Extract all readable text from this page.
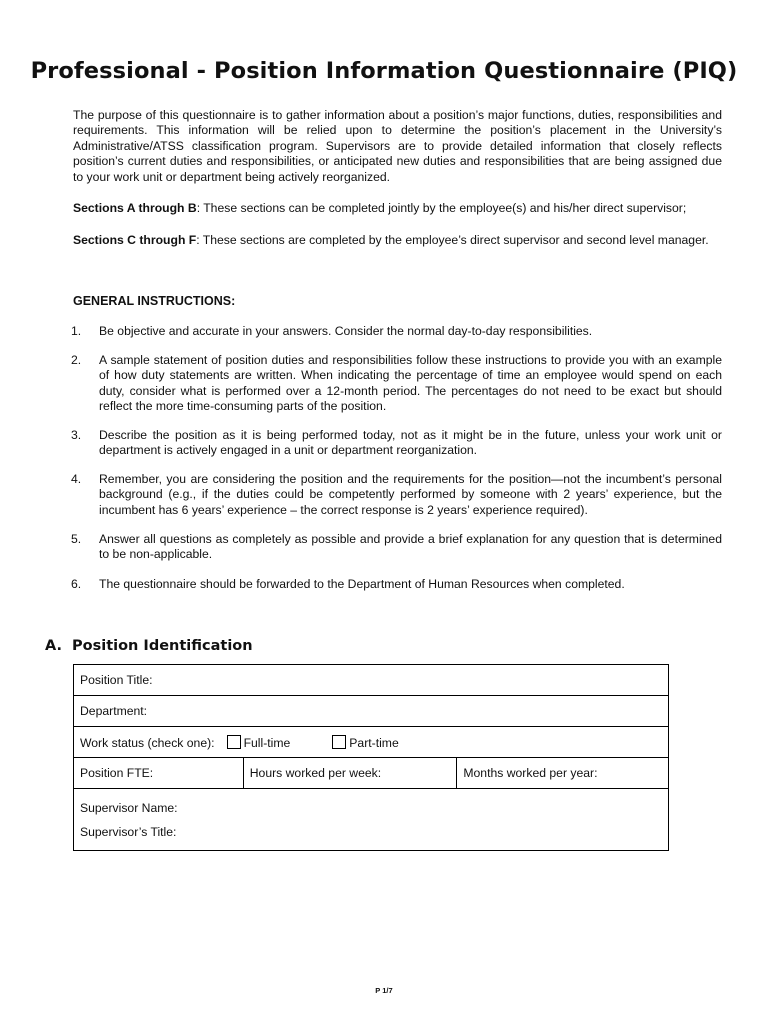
Professional - Position Information Questionnaire (PIQ)
The purpose of this questionnaire is to gather information about a position’s major functions, duties, responsibilities and requirements. This information will be relied upon to determine the position’s placement in the University’s Administrative/ATSS classification program. Supervisors are to provide detailed information that closely reflects position’s current duties and responsibilities, or anticipated new duties and responsibilities that are being assigned due to your work unit or department being actively reorganized.
Sections A through B: These sections can be completed jointly by the employee(s) and his/her direct supervisor;
Sections C through F: These sections are completed by the employee’s direct supervisor and second level manager.
GENERAL INSTRUCTIONS:
1.	Be objective and accurate in your answers. Consider the normal day-to-day responsibilities.
2.	A sample statement of position duties and responsibilities follow these instructions to provide you with an example of how duty statements are written. When indicating the percentage of time an employee would spend on each duty, consider what is performed over a 12-month period. The percentages do not need to be exact but should reflect the more time-consuming parts of the position.
3.	Describe the position as it is being performed today, not as it might be in the future, unless your work unit or department is actively engaged in a unit or department reorganization.
4.	Remember, you are considering the position and the requirements for the position—not the incumbent’s personal background (e.g., if the duties could be competently performed by someone with 2 years’ experience, but the incumbent has 6 years’ experience – the correct response is 2 years’ experience required).
5.	Answer all questions as completely as possible and provide a brief explanation for any question that is determined to be non-applicable.
6.	The questionnaire should be forwarded to the Department of Human Resources when completed.
A. Position Identification
Position Title:
Department:
Work status (check one): Full-time	Part-time
Position FTE:	Hours worked per week:	Months worked per year:

Supervisor Name:
Supervisor’s Title:
P 1/7
